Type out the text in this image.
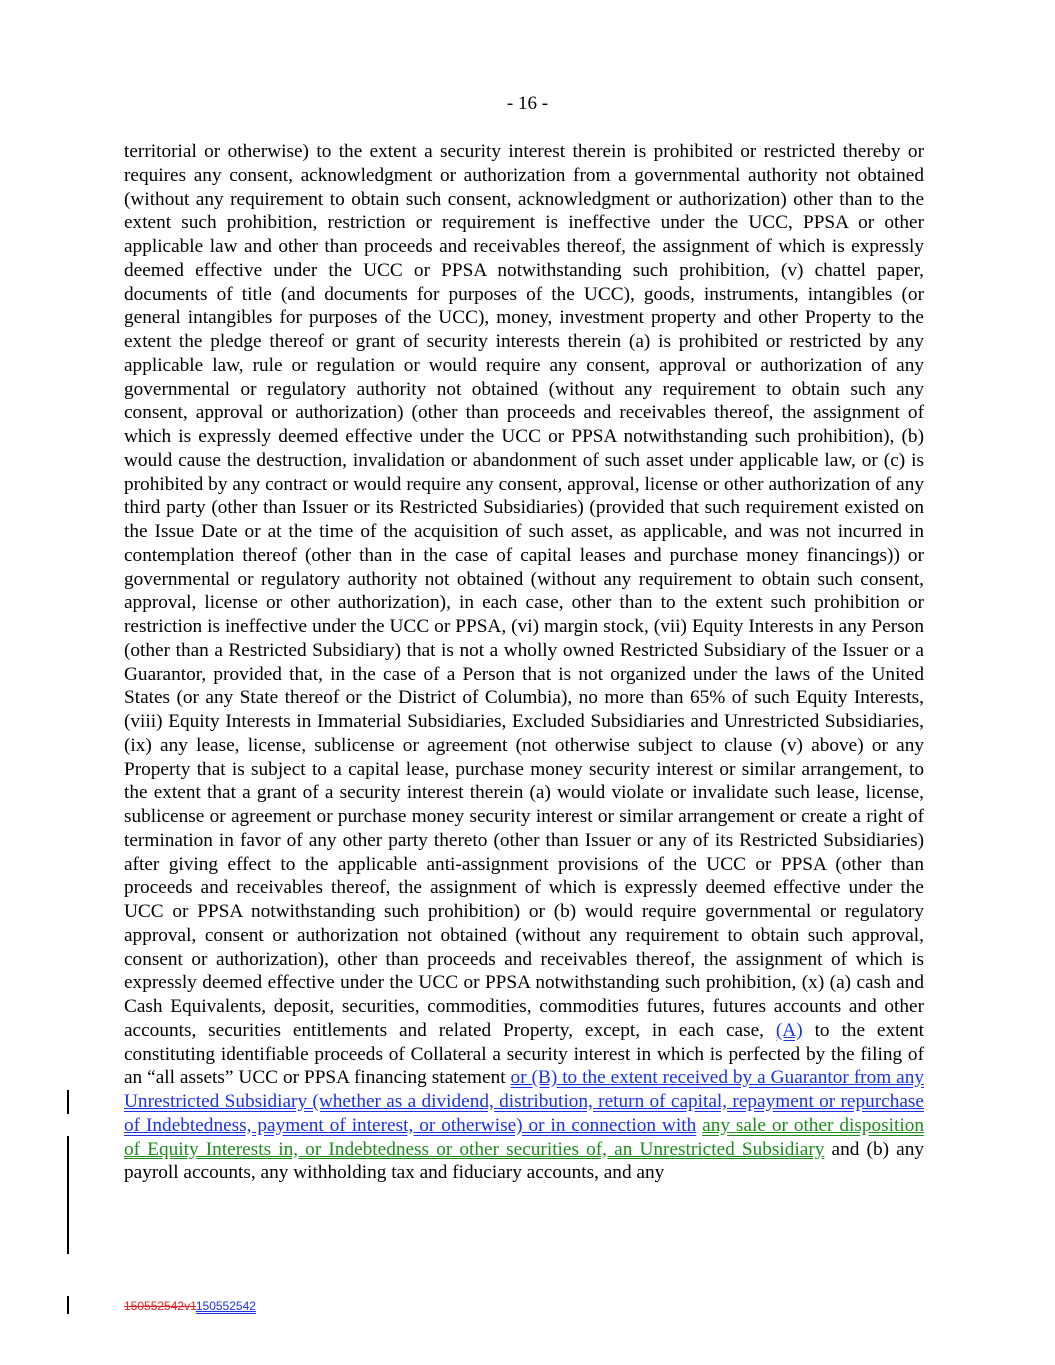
- 16 -

territorial or otherwise) to the extent a security interest therein is prohibited or restricted thereby or requires any consent, acknowledgment or authorization from a governmental authority not obtained (without any requirement to obtain such consent, acknowledgment or authorization) other than to the extent such prohibition, restriction or requirement is ineffective under the UCC, PPSA or other applicable law and other than proceeds and receivables thereof, the assignment of which is expressly deemed effective under the UCC or PPSA notwithstanding such prohibition, (v) chattel paper, documents of title (and documents for purposes of the UCC), goods, instruments, intangibles (or general intangibles for purposes of the UCC), money, investment property and other Property to the extent the pledge thereof or grant of security interests therein (a) is prohibited or restricted by any applicable law, rule or regulation or would require any consent, approval or authorization of any governmental or regulatory authority not obtained (without any requirement to obtain such any consent, approval or authorization) (other than proceeds and receivables thereof, the assignment of which is expressly deemed effective under the UCC or PPSA notwithstanding such prohibition), (b) would cause the destruction, invalidation or abandonment of such asset under applicable law, or (c) is prohibited by any contract or would require any consent, approval, license or other authorization of any third party (other than Issuer or its Restricted Subsidiaries) (provided that such requirement existed on the Issue Date or at the time of the acquisition of such asset, as applicable, and was not incurred in contemplation thereof (other than in the case of capital leases and purchase money financings)) or governmental or regulatory authority not obtained (without any requirement to obtain such consent, approval, license or other authorization), in each case, other than to the extent such prohibition or restriction is ineffective under the UCC or PPSA, (vi) margin stock, (vii) Equity Interests in any Person (other than a Restricted Subsidiary) that is not a wholly owned Restricted Subsidiary of the Issuer or a Guarantor, provided that, in the case of a Person that is not organized under the laws of the United States (or any State thereof or the District of Columbia), no more than 65% of such Equity Interests, (viii) Equity Interests in Immaterial Subsidiaries, Excluded Subsidiaries and Unrestricted Subsidiaries, (ix) any lease, license, sublicense or agreement (not otherwise subject to clause (v) above) or any Property that is subject to a capital lease, purchase money security interest or similar arrangement, to the extent that a grant of a security interest therein (a) would violate or invalidate such lease, license, sublicense or agreement or purchase money security interest or similar arrangement or create a right of termination in favor of any other party thereto (other than Issuer or any of its Restricted Subsidiaries) after giving effect to the applicable anti-assignment provisions of the UCC or PPSA (other than proceeds and receivables thereof, the assignment of which is expressly deemed effective under the UCC or PPSA notwithstanding such prohibition) or (b) would require governmental or regulatory approval, consent or authorization not obtained (without any requirement to obtain such approval, consent or authorization), other than proceeds and receivables thereof, the assignment of which is expressly deemed effective under the UCC or PPSA notwithstanding such prohibition, (x) (a) cash and Cash Equivalents, deposit, securities, commodities, commodities futures, futures accounts and other accounts, securities entitlements and related Property, except, in each case, (A) to the extent constituting identifiable proceeds of Collateral a security interest in which is perfected by the filing of an “all assets” UCC or PPSA financing statement or (B) to the extent received by a Guarantor from any Unrestricted Subsidiary (whether as a dividend, distribution, return of capital, repayment or repurchase of Indebtedness, payment of interest, or otherwise) or in connection with any sale or other disposition of Equity Interests in, or Indebtedness or other securities of, an Unrestricted Subsidiary and (b) any payroll accounts, any withholding tax and fiduciary accounts, and any

150552542v1150552542
